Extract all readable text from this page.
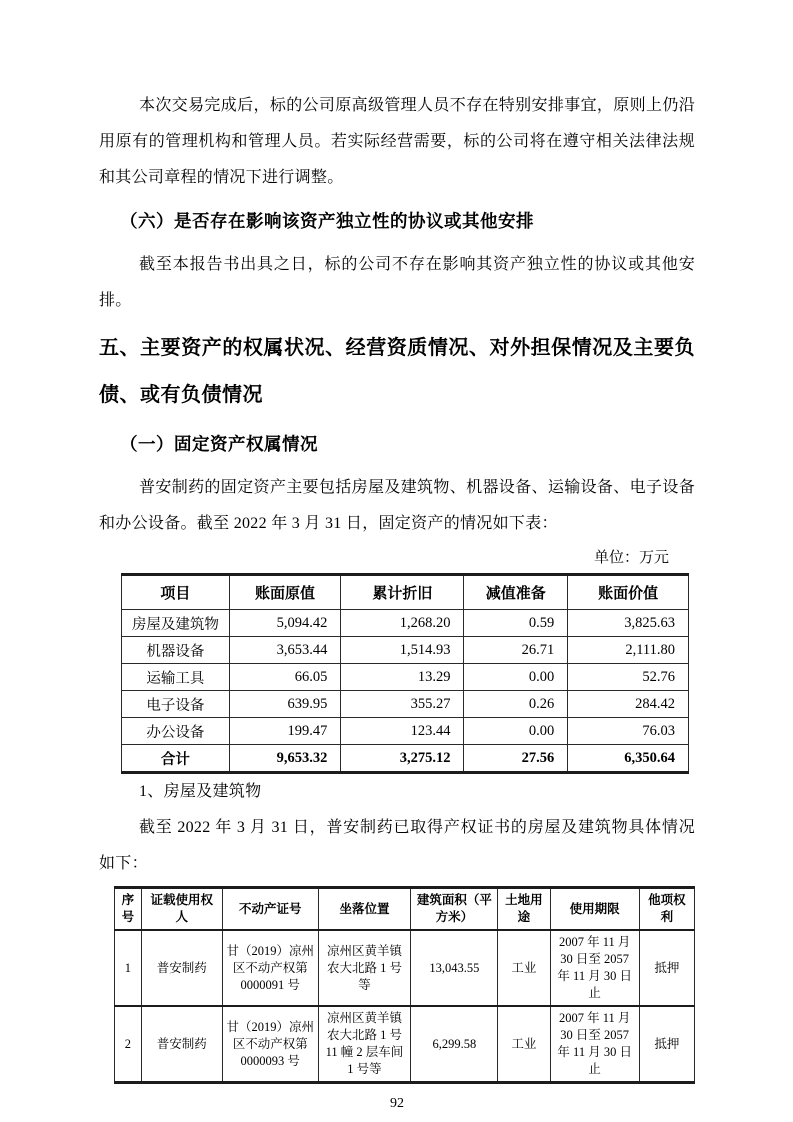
本次交易完成后，标的公司原高级管理人员不存在特别安排事宜，原则上仍沿用原有的管理机构和管理人员。若实际经营需要，标的公司将在遵守相关法律法规和其公司章程的情况下进行调整。

（六）是否存在影响该资产独立性的协议或其他安排

截至本报告书出具之日，标的公司不存在影响其资产独立性的协议或其他安排。

五、主要资产的权属状况、经营资质情况、对外担保情况及主要负债、或有负债情况
（一）固定资产权属情况

普安制药的固定资产主要包括房屋及建筑物、机器设备、运输设备、电子设备和办公设备。截至 2022 年 3 月 31 日，固定资产的情况如下表：

单位：万元
项目	账面原值	累计折旧	减值准备	账面价值
房屋及建筑物	5,094.42	1,268.20	0.59	3,825.63
机器设备	3,653.44	1,514.93	26.71	2,111.80
运输工具	66.05	13.29	0.00	52.76
电子设备	639.95	355.27	0.26	284.42
办公设备	199.47	123.44	0.00	76.03
合计	9,653.32	3,275.12	27.56	6,350.64

1、房屋及建筑物

截至 2022 年 3 月 31 日，普安制药已取得产权证书的房屋及建筑物具体情况如下：

序号	证载使用权人	不动产证号	坐落位置	建筑面积（平方米）	土地用途	使用期限	他项权利
1	普安制药	甘（2019）凉州区不动产权第 0000091 号	凉州区黄羊镇农大北路 1 号等	13,043.55	工业	2007 年 11 月 30 日至 2057 年 11 月 30 日止	抵押
2	普安制药	甘（2019）凉州区不动产权第 0000093 号	凉州区黄羊镇农大北路 1 号 11 幢 2 层车间 1 号等	6,299.58	工业	2007 年 11 月 30 日至 2057 年 11 月 30 日止	抵押
92
